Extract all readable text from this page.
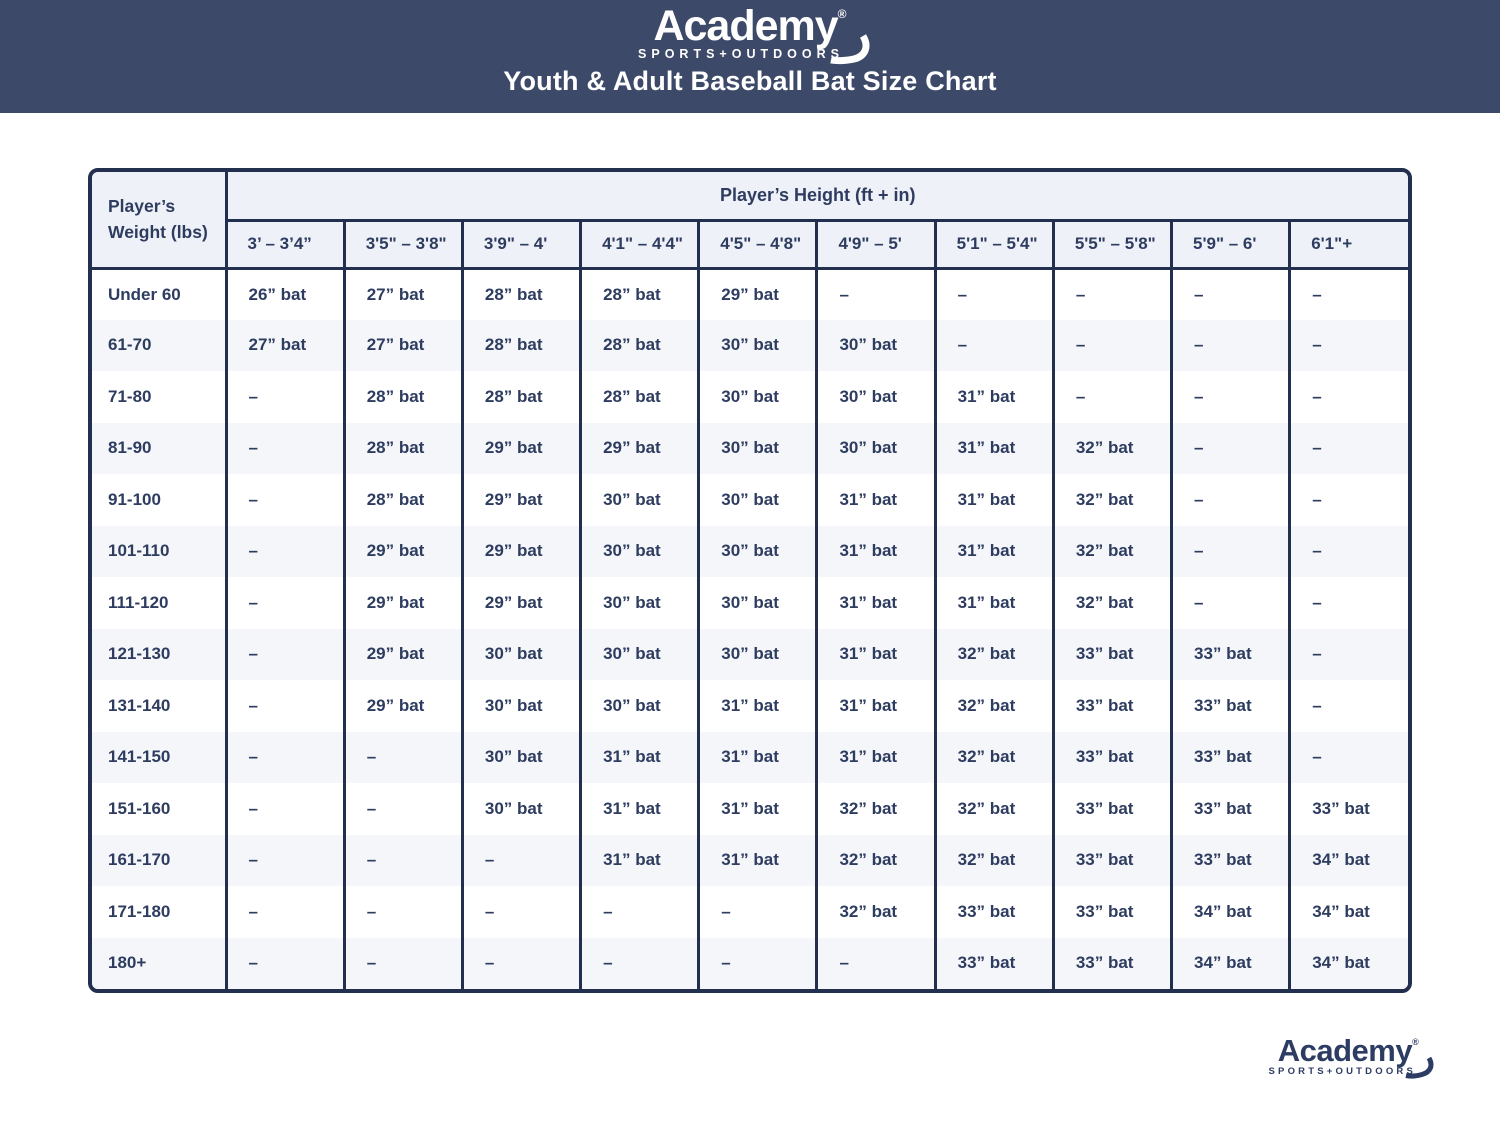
Academy®
SPORTS+OUTDOORS
Youth & Adult Baseball Bat Size Chart
Player’s Weight (lbs)	Player’s Height (ft + in)									
	3’ – 3’4”	3'5" – 3'8"	3'9" – 4'	4'1" – 4'4"	4'5" – 4'8"	4'9" – 5'	5'1" – 5'4"	5'5" – 5'8"	5'9" – 6'	6'1"+
Under 60	26” bat	27” bat	28” bat	28” bat	29” bat	–	–	–	–	–
61-70	27” bat	27” bat	28” bat	28” bat	30” bat	30” bat	–	–	–	–
71-80	–	28” bat	28” bat	28” bat	30” bat	30” bat	31” bat	–	–	–
81-90	–	28” bat	29” bat	29” bat	30” bat	30” bat	31” bat	32” bat	–	–
91-100	–	28” bat	29” bat	30” bat	30” bat	31” bat	31” bat	32” bat	–	–
101-110	–	29” bat	29” bat	30” bat	30” bat	31” bat	31” bat	32” bat	–	–
111-120	–	29” bat	29” bat	30” bat	30” bat	31” bat	31” bat	32” bat	–	–
121-130	–	29” bat	30” bat	30” bat	30” bat	31” bat	32” bat	33” bat	33” bat	–
131-140	–	29” bat	30” bat	30” bat	31” bat	31” bat	32” bat	33” bat	33” bat	–
141-150	–	–	30” bat	31” bat	31” bat	31” bat	32” bat	33” bat	33” bat	–
151-160	–	–	30” bat	31” bat	31” bat	32” bat	32” bat	33” bat	33” bat	33” bat
161-170	–	–	–	31” bat	31” bat	32” bat	32” bat	33” bat	33” bat	34” bat
171-180	–	–	–	–	–	32” bat	33” bat	33” bat	34” bat	34” bat
180+	–	–	–	–	–	–	33” bat	33” bat	34” bat	34” bat
Academy®
SPORTS+OUTDOORS
